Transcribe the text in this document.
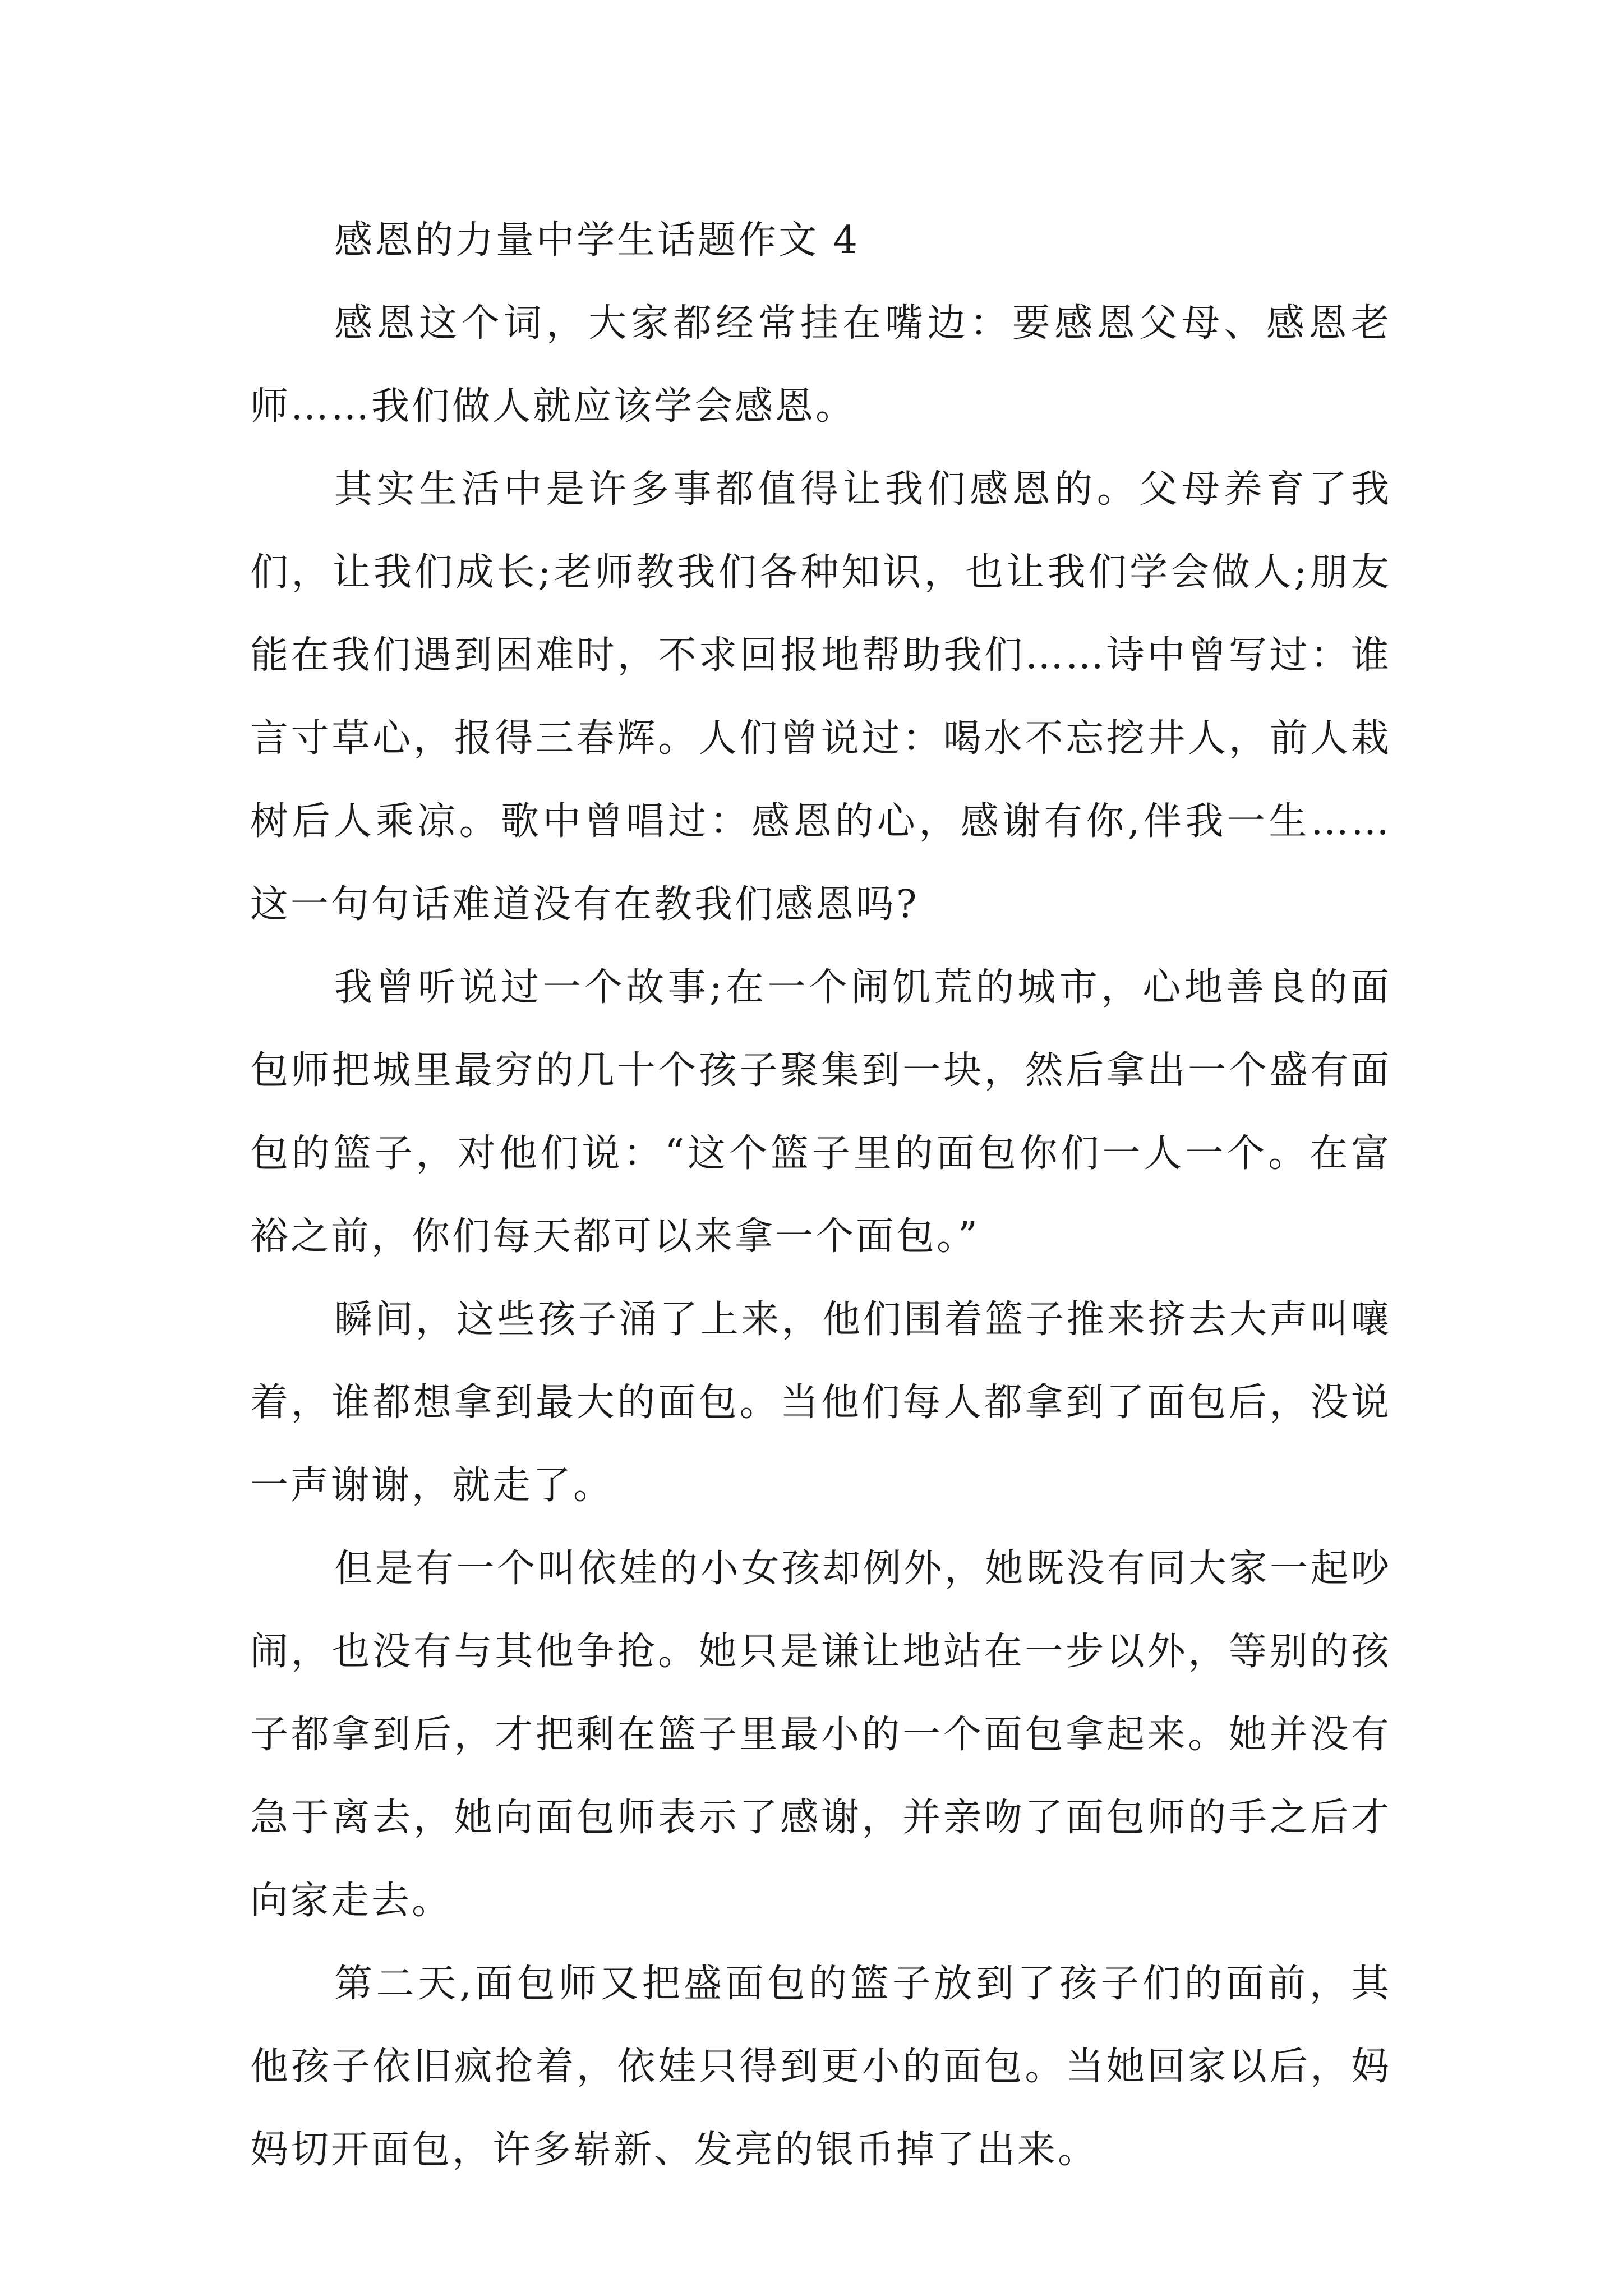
感恩的力量中学生话题作文 4

感恩这个词，大家都经常挂在嘴边：要感恩父母、感恩老师……我们做人就应该学会感恩。

其实生活中是许多事都值得让我们感恩的。父母养育了我们，让我们成长;老师教我们各种知识，也让我们学会做人;朋友能在我们遇到困难时，不求回报地帮助我们……诗中曾写过：谁言寸草心，报得三春辉。人们曾说过：喝水不忘挖井人，前人栽树后人乘凉。歌中曾唱过：感恩的心，感谢有你,伴我一生……这一句句话难道没有在教我们感恩吗?

我曾听说过一个故事;在一个闹饥荒的城市，心地善良的面包师把城里最穷的几十个孩子聚集到一块，然后拿出一个盛有面包的篮子，对他们说：“这个篮子里的面包你们一人一个。在富裕之前，你们每天都可以来拿一个面包。”

瞬间，这些孩子涌了上来，他们围着篮子推来挤去大声叫嚷着，谁都想拿到最大的面包。当他们每人都拿到了面包后，没说一声谢谢，就走了。

但是有一个叫依娃的小女孩却例外，她既没有同大家一起吵闹，也没有与其他争抢。她只是谦让地站在一步以外，等别的孩子都拿到后，才把剩在篮子里最小的一个面包拿起来。她并没有急于离去，她向面包师表示了感谢，并亲吻了面包师的手之后才向家走去。

第二天,面包师又把盛面包的篮子放到了孩子们的面前，其他孩子依旧疯抢着，依娃只得到更小的面包。当她回家以后，妈妈切开面包，许多崭新、发亮的银币掉了出来。
